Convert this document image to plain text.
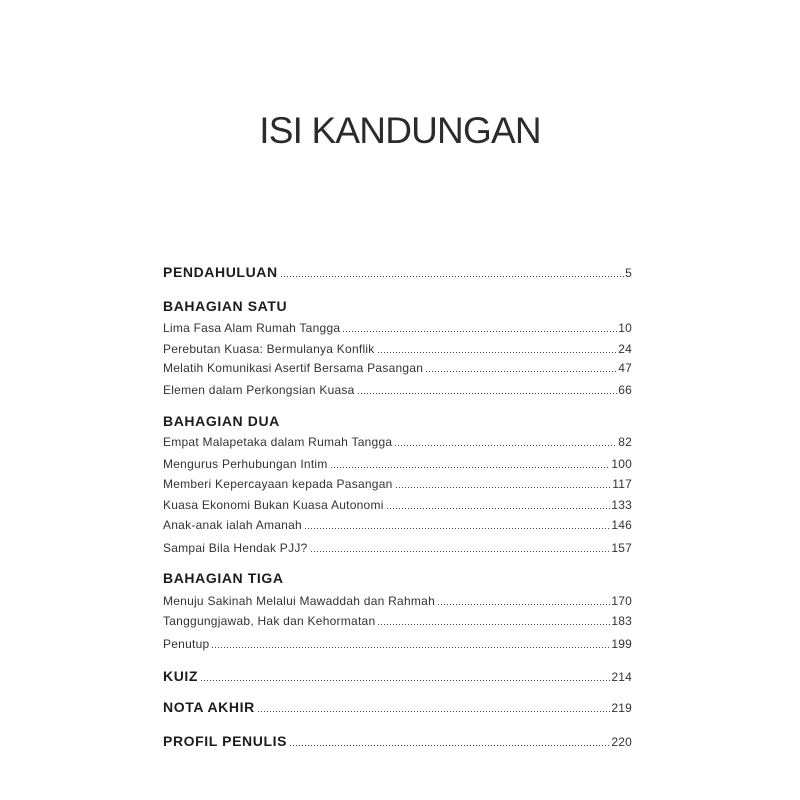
ISI KANDUNGAN
PENDAHULUAN	5
BAHAGIAN SATU
Lima Fasa Alam Rumah Tangga	10
Perebutan Kuasa: Bermulanya Konflik	24
Melatih Komunikasi Asertif Bersama Pasangan	47
Elemen dalam Perkongsian Kuasa	66
BAHAGIAN DUA
Empat Malapetaka dalam Rumah Tangga	82
Mengurus Perhubungan Intim	100
Memberi Kepercayaan kepada Pasangan	117
Kuasa Ekonomi Bukan Kuasa Autonomi	133
Anak-anak ialah Amanah	146
Sampai Bila Hendak PJJ?	157
BAHAGIAN TIGA
Menuju Sakinah Melalui Mawaddah dan Rahmah	170
Tanggungjawab, Hak dan Kehormatan	183
Penutup	199
KUIZ	214
NOTA AKHIR	219
PROFIL PENULIS	220
